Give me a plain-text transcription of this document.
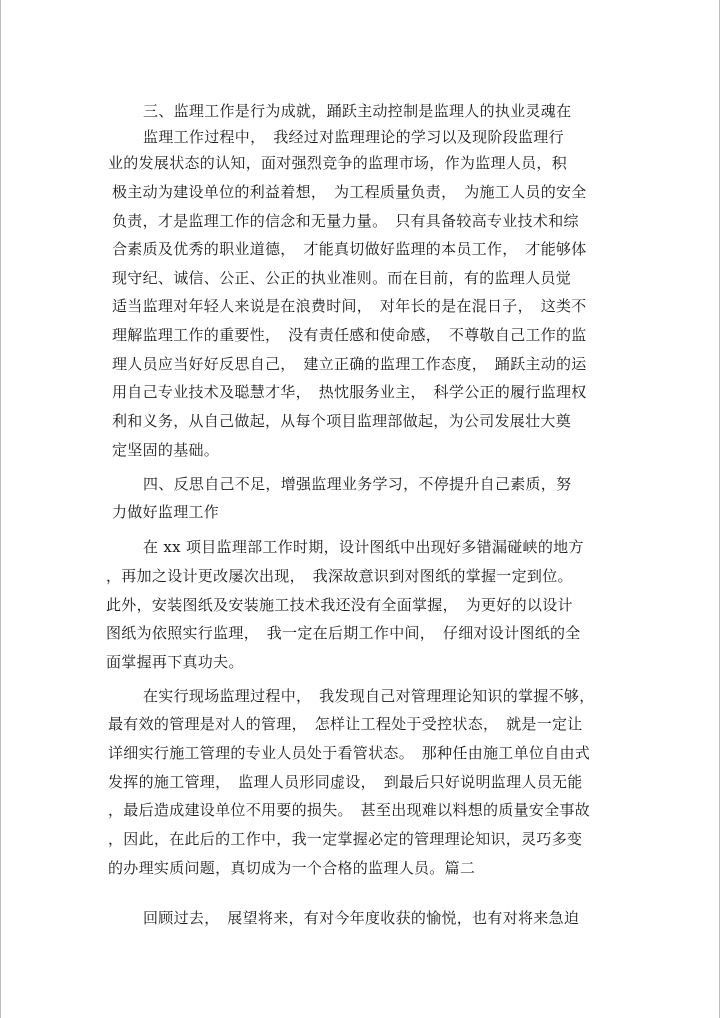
三、监理工作是行为成就，踊跃主动控制是监理人的执业灵魂在
监理工作过程中，　我经过对监理理论的学习以及现阶段监理行
业的发展状态的认知，面对强烈竞争的监理市场，作为监理人员，积
极主动为建设单位的利益着想，　为工程质量负责，　为施工人员的安全
负责，才是监理工作的信念和无量力量。　只有具备较高专业技术和综
合素质及优秀的职业道德，　才能真切做好监理的本员工作，　才能够体
现守纪、诚信、公正、公正的执业准则。而在目前，有的监理人员觉
适当监理对年轻人来说是在浪费时间，　对年长的是在混日子，　这类不
理解监理工作的重要性，　没有责任感和使命感，　不尊敬自己工作的监
理人员应当好好反思自己，　建立正确的监理工作态度，　踊跃主动的运
用自己专业技术及聪慧才华，　热忱服务业主，　科学公正的履行监理权
利和义务，从自己做起，从每个项目监理部做起，为公司发展壮大奠
定坚固的基础。
四、反思自己不足，增强监理业务学习，不停提升自己素质，努
力做好监理工作
在 xx 项目监理部工作时期，设计图纸中出现好多错漏碰峡的地方
，再加之设计更改屡次出现，　我深故意识到对图纸的掌握一定到位。
此外，安装图纸及安装施工技术我还没有全面掌握，　为更好的以设计
图纸为依照实行监理，　我一定在后期工作中间，　仔细对设计图纸的全
面掌握再下真功夫。
在实行现场监理过程中，　我发现自己对管理理论知识的掌握不够，
最有效的管理是对人的管理，　怎样让工程处于受控状态，　就是一定让
详细实行施工管理的专业人员处于看管状态。　那种任由施工单位自由式
发挥的施工管理，　监理人员形同虚设，　到最后只好说明监理人员无能
，最后造成建设单位不用要的损失。　甚至出现难以料想的质量安全事故
，因此，在此后的工作中，我一定掌握必定的管理理论知识，灵巧多变
的办理实质问题，真切成为一个合格的监理人员。篇二
回顾过去，　展望将来，有对今年度收获的愉悦，也有对将来急迫
